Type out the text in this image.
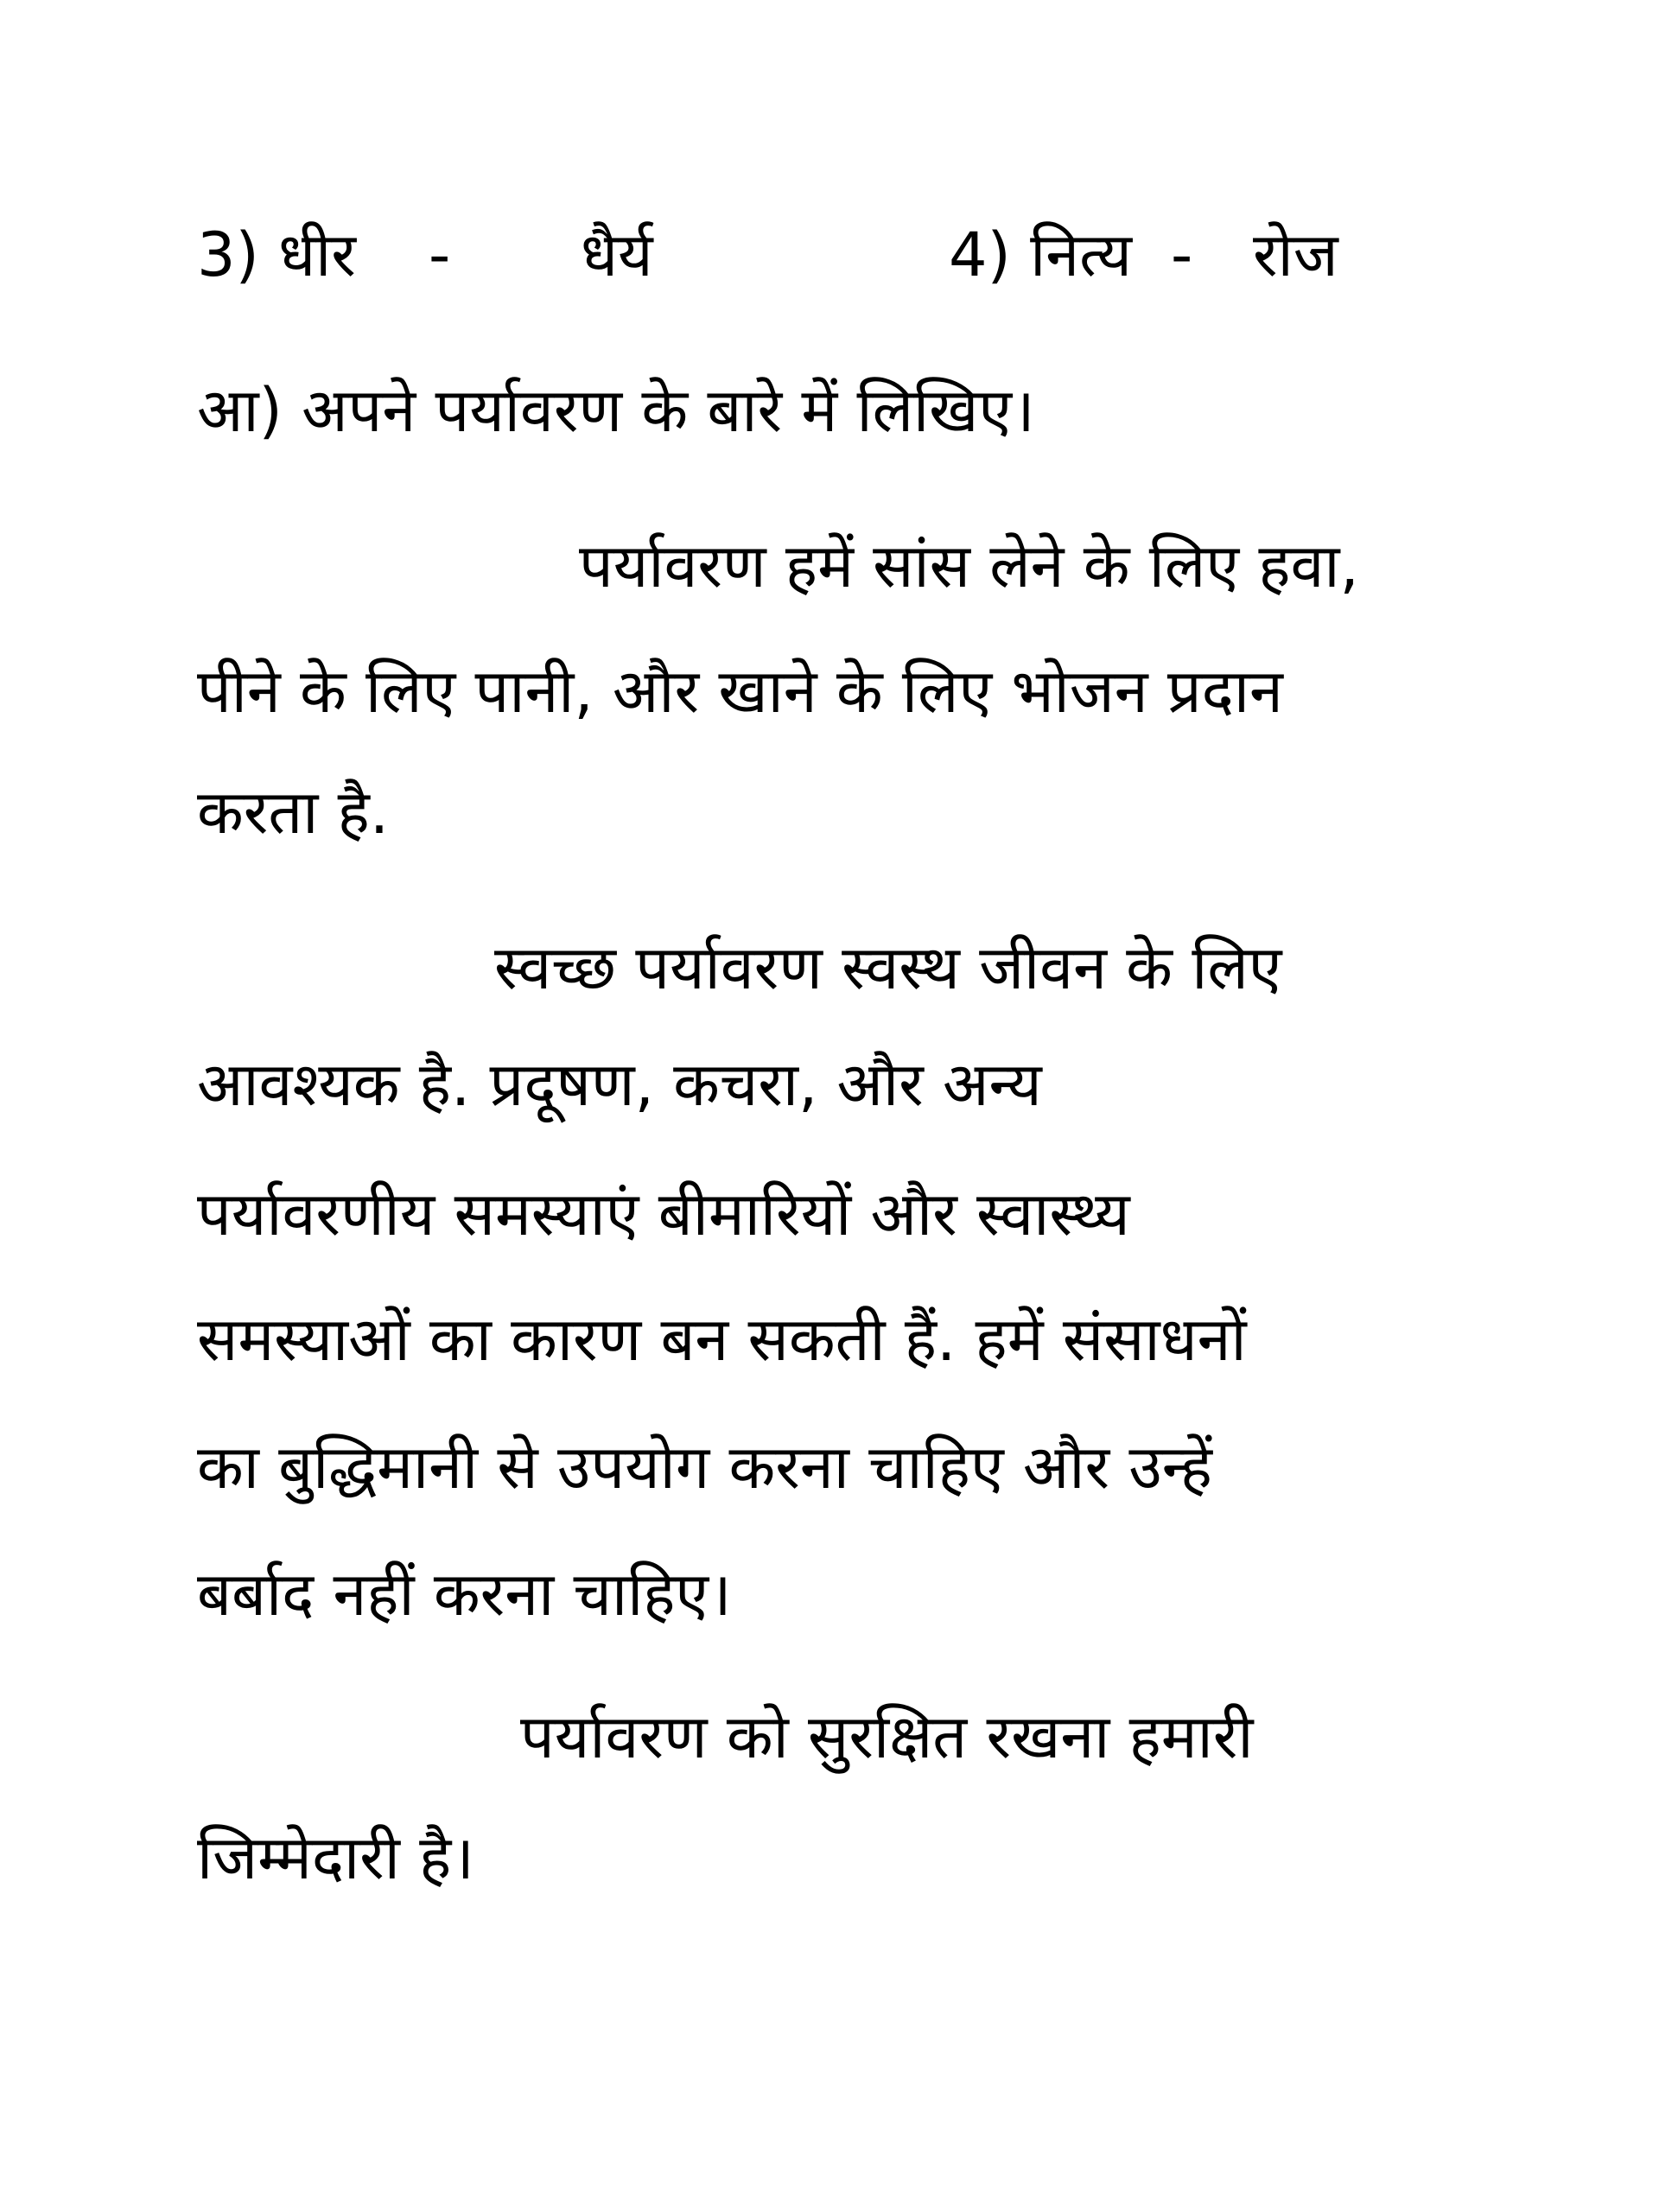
3) धीर - धैर्य	4) नित्य - रोज

आ) अपने पर्यावरण के बारे में लिखिए।

पर्यावरण हमें सांस लेने के लिए हवा,

पीने के लिए पानी, और खाने के लिए भोजन प्रदान

करता है.

स्वच्छ पर्यावरण स्वस्थ जीवन के लिए

आवश्यक है. प्रदूषण, कचरा, और अन्य

पर्यावरणीय समस्याएं बीमारियों और स्वास्थ्य

समस्याओं का कारण बन सकती हैं. हमें संसाधनों

का बुद्धिमानी से उपयोग करना चाहिए और उन्हें

बर्बाद नहीं करना चाहिए।

पर्यावरण को सुरक्षित रखना हमारी

जिम्मेदारी है।
